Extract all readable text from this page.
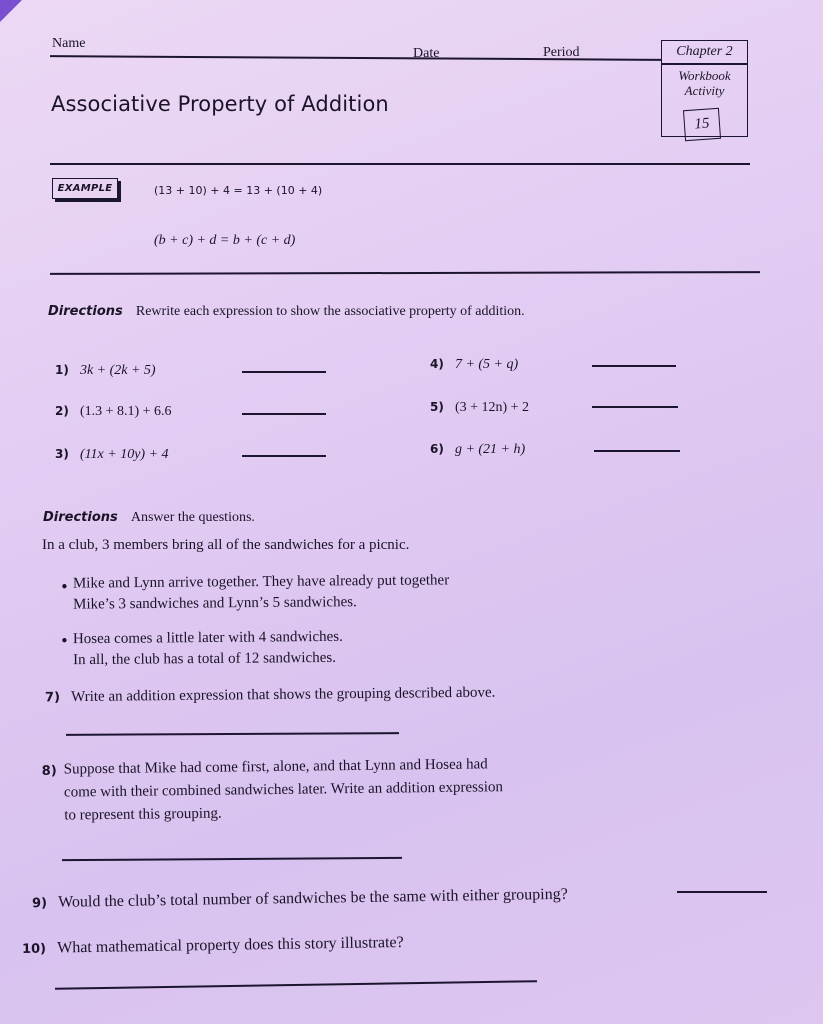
Name
Date	Period	Chapter 2
Workbook
Activity
15
Associative Property of Addition
EXAMPLE	(13 + 10) + 4 = 13 + (10 + 4)
(b + c) + d = b + (c + d)
Directions Rewrite each expression to show the associative property of addition.
1) 3k + (2k + 5)
2) (1.3 + 8.1) + 6.6
3) (11x + 10y) + 4
4) 7 + (5 + q)
5) (3 + 12n) + 2
6) g + (21 + h)
Directions Answer the questions.
In a club, 3 members bring all of the sandwiches for a picnic.
• Mike and Lynn arrive together. They have already put together
Mike’s 3 sandwiches and Lynn’s 5 sandwiches.
• Hosea comes a little later with 4 sandwiches.
In all, the club has a total of 12 sandwiches.
7) Write an addition expression that shows the grouping described above.
8) Suppose that Mike had come first, alone, and that Lynn and Hosea had
come with their combined sandwiches later. Write an addition expression
to represent this grouping.
9) Would the club’s total number of sandwiches be the same with either grouping?
10) What mathematical property does this story illustrate?
